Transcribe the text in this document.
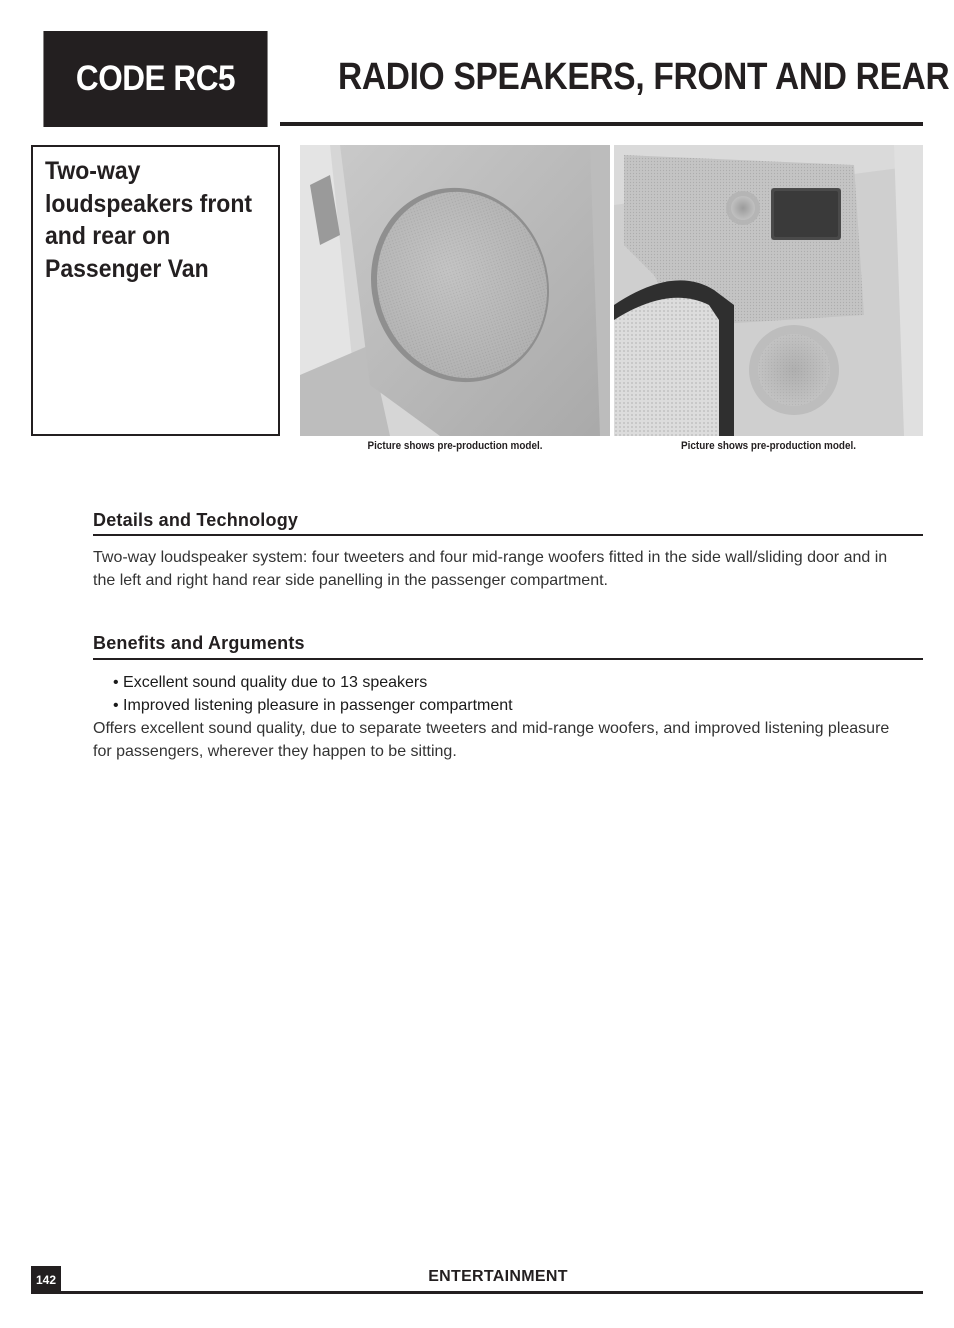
CODE RC5	RADIO SPEAKERS, FRONT AND REAR
Two-way loudspeakers front and rear on Passenger Van
Picture shows pre-production model.	Picture shows pre-production model.
Details and Technology
Two-way loudspeaker system: four tweeters and four mid-range woofers fitted in the side wall/sliding door and in the left and right hand rear side panelling in the passenger compartment.
Benefits and Arguments
• Excellent sound quality due to 13 speakers
• Improved listening pleasure in passenger compartment
Offers excellent sound quality, due to separate tweeters and mid-range woofers, and improved listening pleasure for passengers, wherever they happen to be sitting.
142	ENTERTAINMENT
